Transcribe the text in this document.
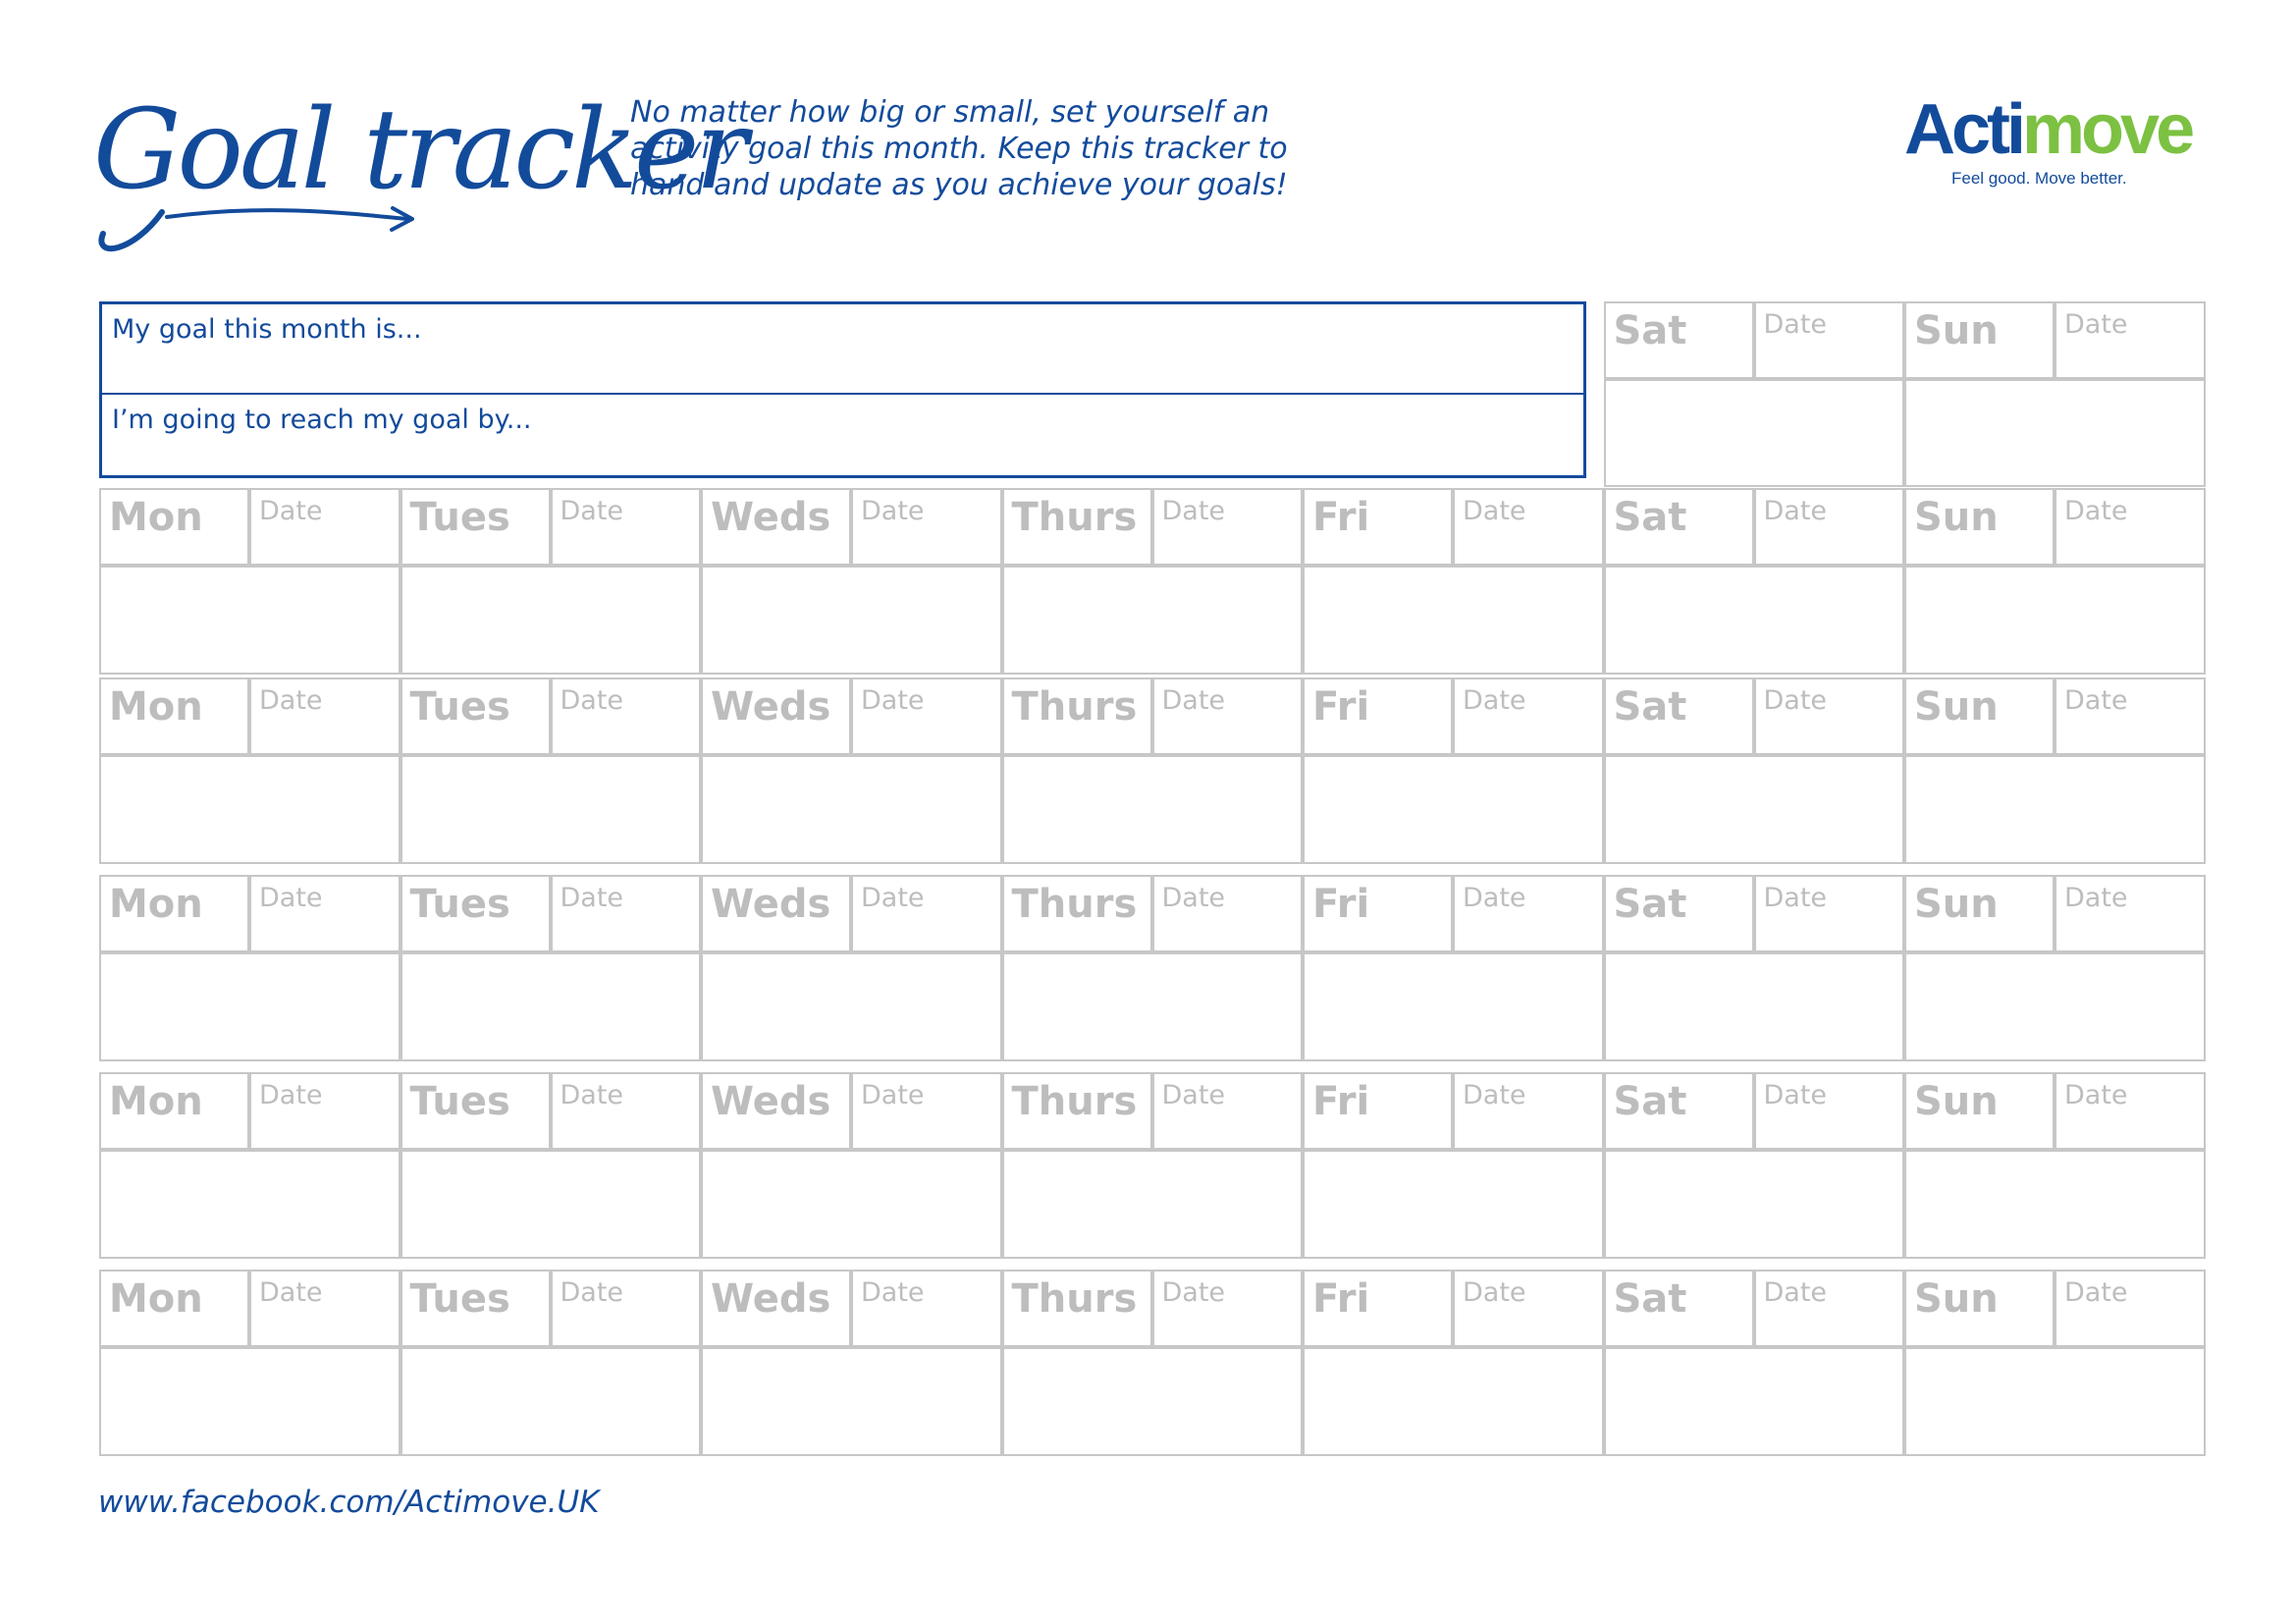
Goal tracker
No matter how big or small, set yourself an
activity goal this month. Keep this tracker to
hand and update as you achieve your goals!
Actimove
Feel good. Move better.
My goal this month is...
I’m going to reach my goal by...
Sat	Date Sun Date
Mon Date Tues Date Weds Date Thurs Date Fri	Date Sat	Date Sun Date
Mon Date Tues Date Weds Date Thurs Date Fri	Date Sat	Date Sun Date
Mon Date Tues Date Weds Date Thurs Date Fri	Date Sat	Date Sun Date
Mon Date Tues Date Weds Date Thurs Date Fri	Date Sat	Date Sun Date
Mon Date Tues Date Weds Date Thurs Date Fri	Date Sat	Date Sun Date
www.facebook.com/Actimove.UK
